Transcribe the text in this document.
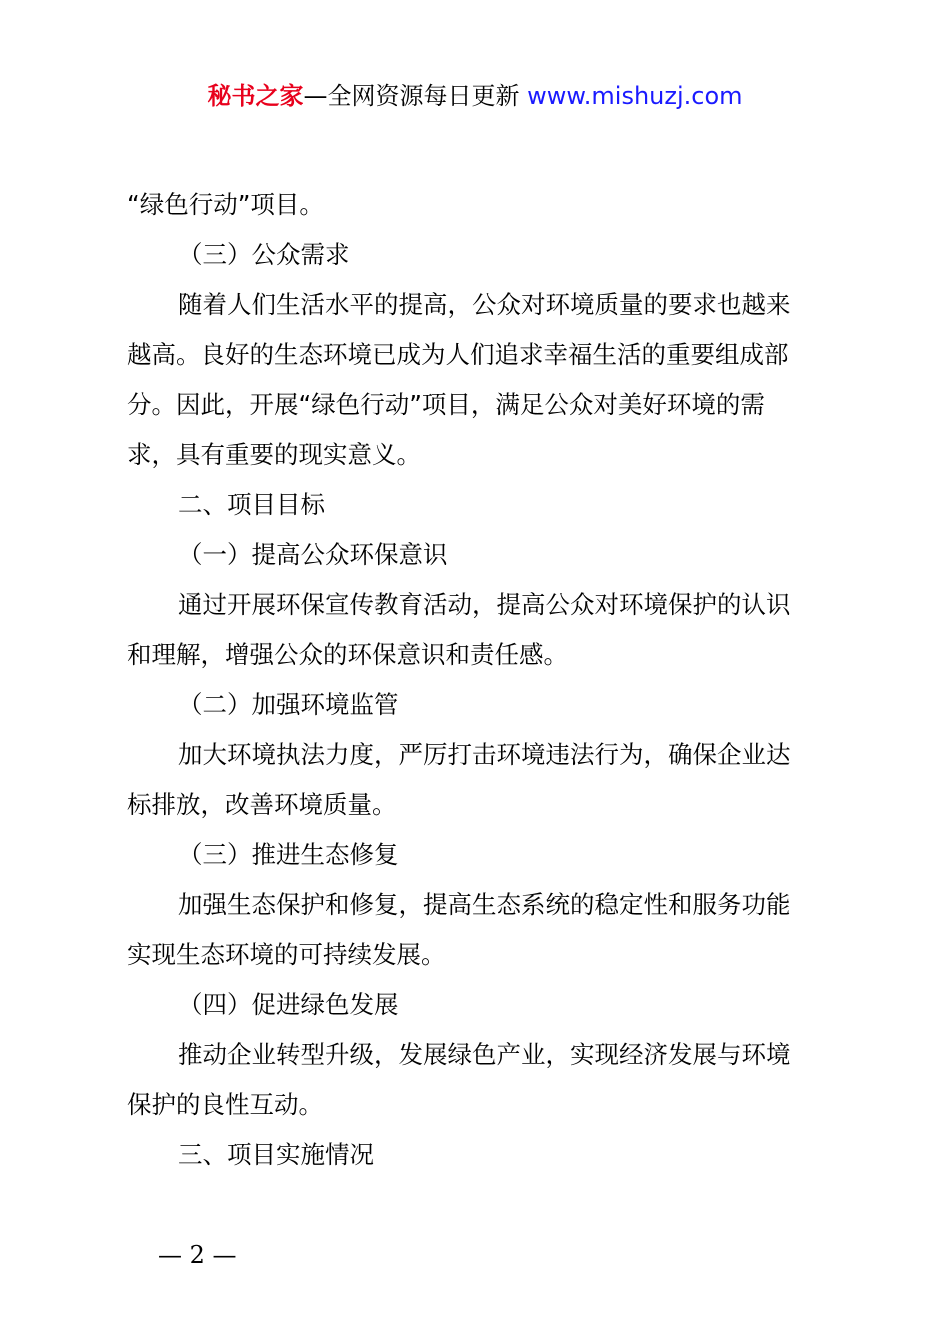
秘书之家—全网资源每日更新 www.mishuzj.com
“绿色行动”项目。
（三）公众需求
随着人们生活水平的提高，公众对环境质量的要求也越来
越高。良好的生态环境已成为人们追求幸福生活的重要组成部
分。因此，开展“绿色行动”项目，满足公众对美好环境的需
求，具有重要的现实意义。
二、项目目标
（一）提高公众环保意识
通过开展环保宣传教育活动，提高公众对环境保护的认识
和理解，增强公众的环保意识和责任感。
（二）加强环境监管
加大环境执法力度，严厉打击环境违法行为，确保企业达
标排放，改善环境质量。
（三）推进生态修复
加强生态保护和修复，提高生态系统的稳定性和服务功能
实现生态环境的可持续发展。
（四）促进绿色发展
推动企业转型升级，发展绿色产业，实现经济发展与环境
保护的良性互动。
三、项目实施情况
— 2 —
